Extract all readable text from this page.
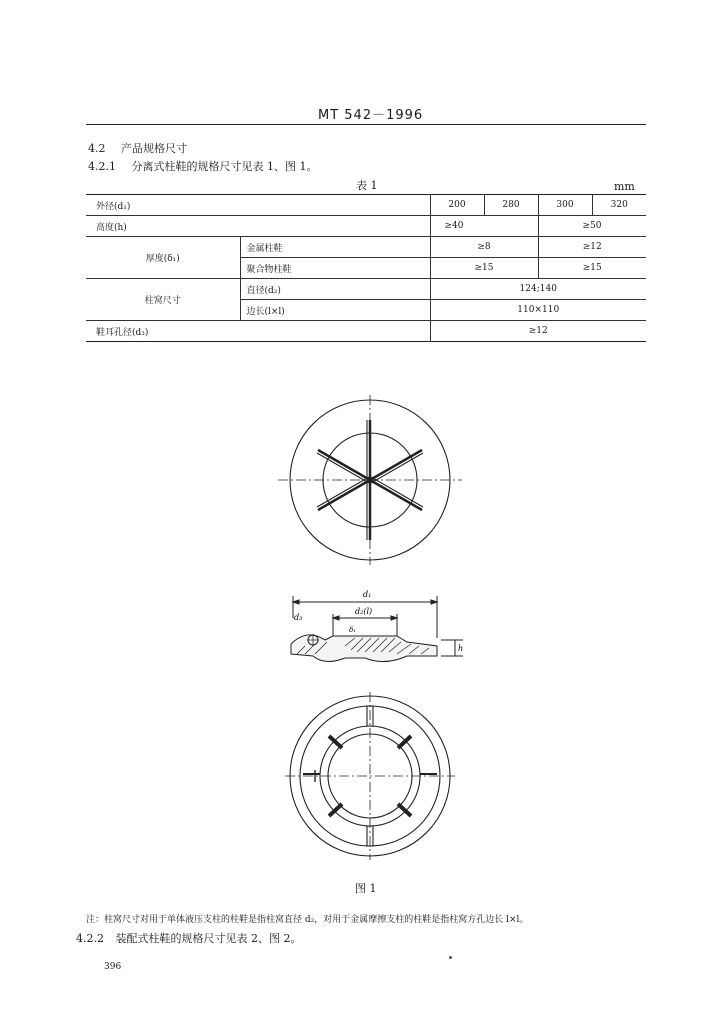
MT 542－1996
4.2 产品规格尺寸
4.2.1 分离式柱鞋的规格尺寸见表 1、图 1。
表 1	mm
外径(d₁)		200	280	300	320
高度(h)		≥40		≥50	
厚度(δ₁)	金属柱鞋	≥8		≥12	
	聚合物柱鞋	≥15		≥15	
柱窝尺寸	直径(d₂)	124;140			
	边长(l×l)	110×110			
鞋耳孔径(d₃)		≥12			
d₁
d₂(l)
d₃
δ₁
h
图 1
注：柱窝尺寸对用于单体液压支柱的柱鞋是指柱窝直径 d₂，对用于金属摩擦支柱的柱鞋是指柱窝方孔边长 l×l。
4.2.2 装配式柱鞋的规格尺寸见表 2、图 2。
396
